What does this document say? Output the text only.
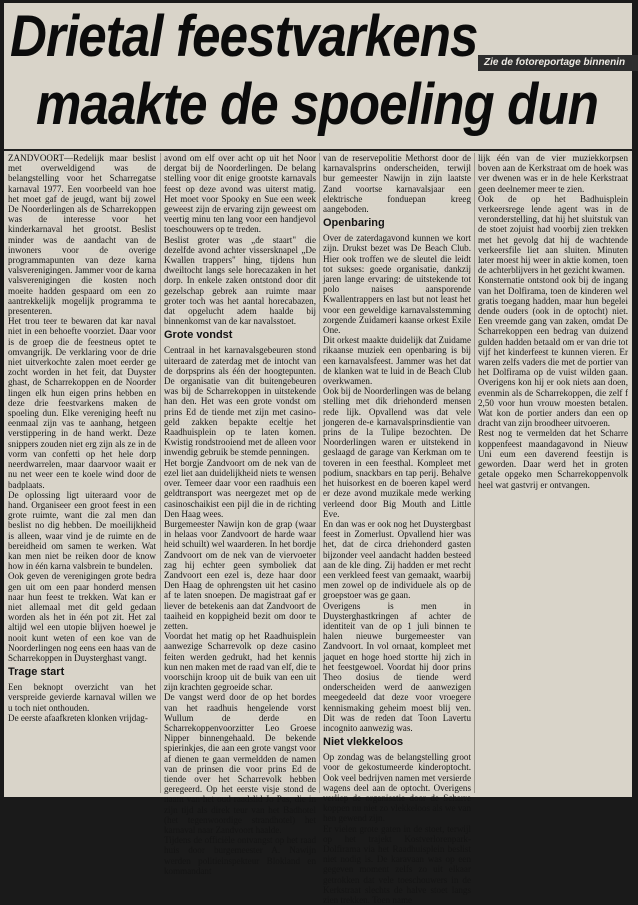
Drietal feestvarkens
maakte de spoeling dun
Zie de fotoreportage binnenin

ZANDVOORT—Redelijk maar beslist met overweldigend was de belangstelling voor het Scharregatse karnaval 1977. Een voorbeeld van hoe het moet gaf de jeugd, want bij zowel De Noorderlingen als de Scharrekoppen was de interesse voor het kinderkarnaval het grootst. Beslist minder was de aandacht van de inwoners voor de overige programmapunten van deze karna valsverenigingen. Jammer voor de karna valsverenigingen die kosten noch moeite hadden gespaard om een zo aantrekkelijk mogelijk programma te presenteren.

Het trou teer te bewaren dat kar naval niet in een behoefte voorziet. Daar voor is de groep die de feestneus optet te omvangrijk. De verklaring voor de drie niet uitverkochte zalen moet eerder ge zocht worden in het feit, dat Duyster ghast, de Scharrekoppen en de Noorder lingen elk hun eigen prins hebben en deze drie feestvarkens maken de spoeling dun. Elke vereniging heeft nu eenmaal zijn vas te aanhang, hetgeen verstippering in de hand werkt. Deze snippers zouden niet erg zijn als ze in de vorm van confetti op het hele dorp neerdwarrelen, maar daarvoor waait er nu net weer een te koele wind door de badplaats.

De oplossing ligt uiteraard voor de hand. Organiseer een groot feest in een grote ruimte, want die zal men dan beslist no dig hebben. De moeilijkheid is alleen, waar vind je de ruimte en de bereidheid om samen te werken. Wat kan men niet be reiken door de know how in één karna valsbrein te bundelen.

Ook geven de verenigingen grote bedra gen uit om een paar honderd mensen naar hun feest te trekken. Wat kan er niet allemaal met dit geld gedaan worden als het in één pot zit. Het zal altijd wel een utopie blijven hoewel je nooit kunt weten of een koe van de Noorderlingen nog eens een haas van de Scharrekoppen in Duysterghast vangt.

Trage start

Een beknopt overzicht van het verspreide gevierde karnaval willen we u toch niet onthouden.

De eerste afaafkreten klonken vrijdag-

avond om elf over acht op uit het Noor dergat bij de Noorderlingen. De belang stelling voor dit enige grootste karnavals feest op deze avond was uiterst matig. Het moet voor Spooky en Sue een week geweest zijn de ervaring zijn geweest om veertig minu ten lang voor een handjevol toeschouwers op te treden.

Beslist groter was „de staart" die dezelfde avond achter vissersknapel „De Kwallen trappers" hing, tijdens hun dweiltocht langs sele horecazaken in het dorp. In enkele zaken ontstond door dit gezelschap gebrek aan ruimte maar groter toch was het aantal horecabazen, dat opgelucht adem haalde bij binnenkomst van de kar navalsstoet.

Grote vondst

Centraal in het karnavalsgebeuren stond uiteraard de zaterdag met de intocht van de dorpsprins als één der hoogtepunten. De organisatie van dit buitengebeuren was bij de Scharrekoppen in uitstekende han den. Het was een grote vondst om prins Ed de tiende met zijn met casino-geld zakken bepakte eceltje het Raadhuisplein op te laten komen. Kwistig rondstrooiend met de alleen voor inwendig gebruik be stemde penningen.

Het borgje Zandvoort om de nek van de ezel liet aan duidelijkheid niets te wensen over. Temeer daar voor een raadhuis een geldtransport was neergezet met op de casinoschaikist een pijl die in de richting Den Haag wees.

Burgemeester Nawijn kon de grap (waar in helaas voor Zandvoort de harde waar heid schuilt) wel waarderen. In het bordje Zandvoort om de nek van de viervoeter zag hij echter geen symboliek dat Zandvoort een ezel is, deze haar door Den Haag de ophrengsten uit het casino af te laten snoepen. De magistraat gaf er liever de betekenis aan dat Zandvoort de taaiheid en koppigheid bezit om door te zetten.

Voordat het matig op het Raadhuisplein aanwezige Scharrevolk op deze casino feiten werden gedrukt, had het kennis kun nen maken met de raad van elf, die te voorschijn kroop uit de buik van een uit zijn krachten gegroeide schar.

De vangst werd door de op het bordes van het raadhuis hengelende vorst Wullum de derde en Scharrekoppenvoorzitter Leo Groese Nipper binnengehaald. De bekende spierinkjes, die aan een grote vangst voor af dienen te gaan vermeldden de namen van de prinsen die voor prins Ed de tiende over het Scharrevolk hebben geregeerd. Op het eerste visje stond de naam van het oud raadslid Jo Pas, die in zijn tijd als direk teur van het Badhotel (het tegenwoordige strandhotel) het karnaval naar Zandvoort haalde.

Tijdens de officiële ontvangst op het raad huis door burgemeester A. Nawijn werden politieinspekteur Blokland en kommandant

van de reservepolitie Methorst door de karnavalsprins onderscheiden, terwijl bur gemeester Nawijn in zijn laatste Zand voortse karnavalsjaar een elektrische fonduepan kreeg aangeboden.

Openbaring

Over de zaterdagavond kunnen we kort zijn. Drukst bezet was De Beach Club. Hier ook troffen we de sleutel die leidt tot sukses: goede organisatie, dankzij jaren lange ervaring: de uitstekende tot polo naises aansporende Kwallentrappers en last but not least het voor een geweldige karnavalsstemming zorgende Zuidameri kaanse orkest Exile One.

Dit orkest maakte duidelijk dat Zuidame rikaanse muziek een openbaring is bij een karnavalsfeest. Jammer was het dat de klanken wat te luid in de Beach Club overkwamen.

Ook bij de Noorderlingen was de belang stelling met dik driehonderd mensen rede lijk. Opvallend was dat vele jongeren de-e karnavalsprinsdientie van prins de la Tulipe bezochten. De Noorderlingen waren er uitstekend in geslaagd de garage van Kerkman om te toveren in een feesthal. Kompleet met podium, snackbars en tap perij. Behalve het huisorkest en de boeren kapel werd er deze avond muzikale mede werking verleend door Big Mouth and Little Eve.

En dan was er ook nog het Duystergbast feest in Zomerlust. Opvallend hier was het, dat de circa driehonderd gasten bijzonder veel aandacht hadden besteed aan de kle ding. Zij hadden er met recht een verkleed feest van gemaakt, waarbij men zowel op de individuele als op de groepstoer was ge gaan.

Overigens is men in Duysterghastkringen af achter de identiteit van de op 1 juli binnen te halen nieuwe burgemeester van Zandvoort. In vol ornaat, kompleet met jaquet en hoge hoed stortte hij zich in het feestgewoel. Voordat hij door prins Theo dosius de tiende werd onderscheiden werd de aanwezigen meegedeeld dat deze voor vroegere kennismaking geheim moest blij ven. Dit was de reden dat Toon Lavertu incognito aanwezig was.

Niet vlekkeloos

Op zondag was de belangstelling groot voor de gekostumeerde kinderoptocht. Ook veel bedrijven namen met versierde wagens deel aan de optocht. Overigens verliep de organisatie door de Scharre koppen nu niet zo vlekkeloos als we van hen gewend zijn.

Er vielen grote gaten in de stoet, terwijl op het trajekt Kostverlorenpark-Dolfirama via het Raadhuisplein beslist niet nodig is. De karavaan was op een gegeven moment zelfs zo uit elkaar getrokken dat vele toeschouwers in de Kerkstraat slechts de halve stoet langs zien trekken. Toen name

lijk één van de vier muziekkorpsen boven aan de Kerkstraat om de hoek was ver dwenen was er in de hele Kerkstraat geen deelnemer meer te zien.

Ook de op het Badhuisplein verkeersrege lende agent was in de veronderstelling, dat hij het sluitstuk van de stoet zojuist had voorbij zien trekken met het gevolg dat hij de wachtende verkeersfile liet aan sluiten. Minuten later moest hij weer in aktie komen, toen de achterblijvers in het gezicht kwamen.

Konsternatie ontstond ook bij de ingang van het Dolfirama, toen de kinderen wel gratis toegang hadden, maar hun begelei dende ouders (ook in de optocht) niet. Een vreemde gang van zaken, omdat De Scharrekoppen een bedrag van duizend gulden hadden betaald om er van drie tot vijf het kinderfeest te kunnen vieren. Er waren zelfs vaders die met de portier van het Dolfirama op de vuist wilden gaan. Overigens kon hij er ook niets aan doen, evenmin als de Scharrekoppen, die zelf f 2,50 voor hun vrouw moesten betalen. Wat kon de portier anders dan een op dracht van zijn broodheer uitvoeren.

Rest nog te vermelden dat het Scharre koppenfeest maandagavond in Nieuw Uni eum een daverend feestijn is geworden. Daar werd het in groten getale opgeko men Scharrekoppenvolk heel wat gastvrij er ontvangen.
